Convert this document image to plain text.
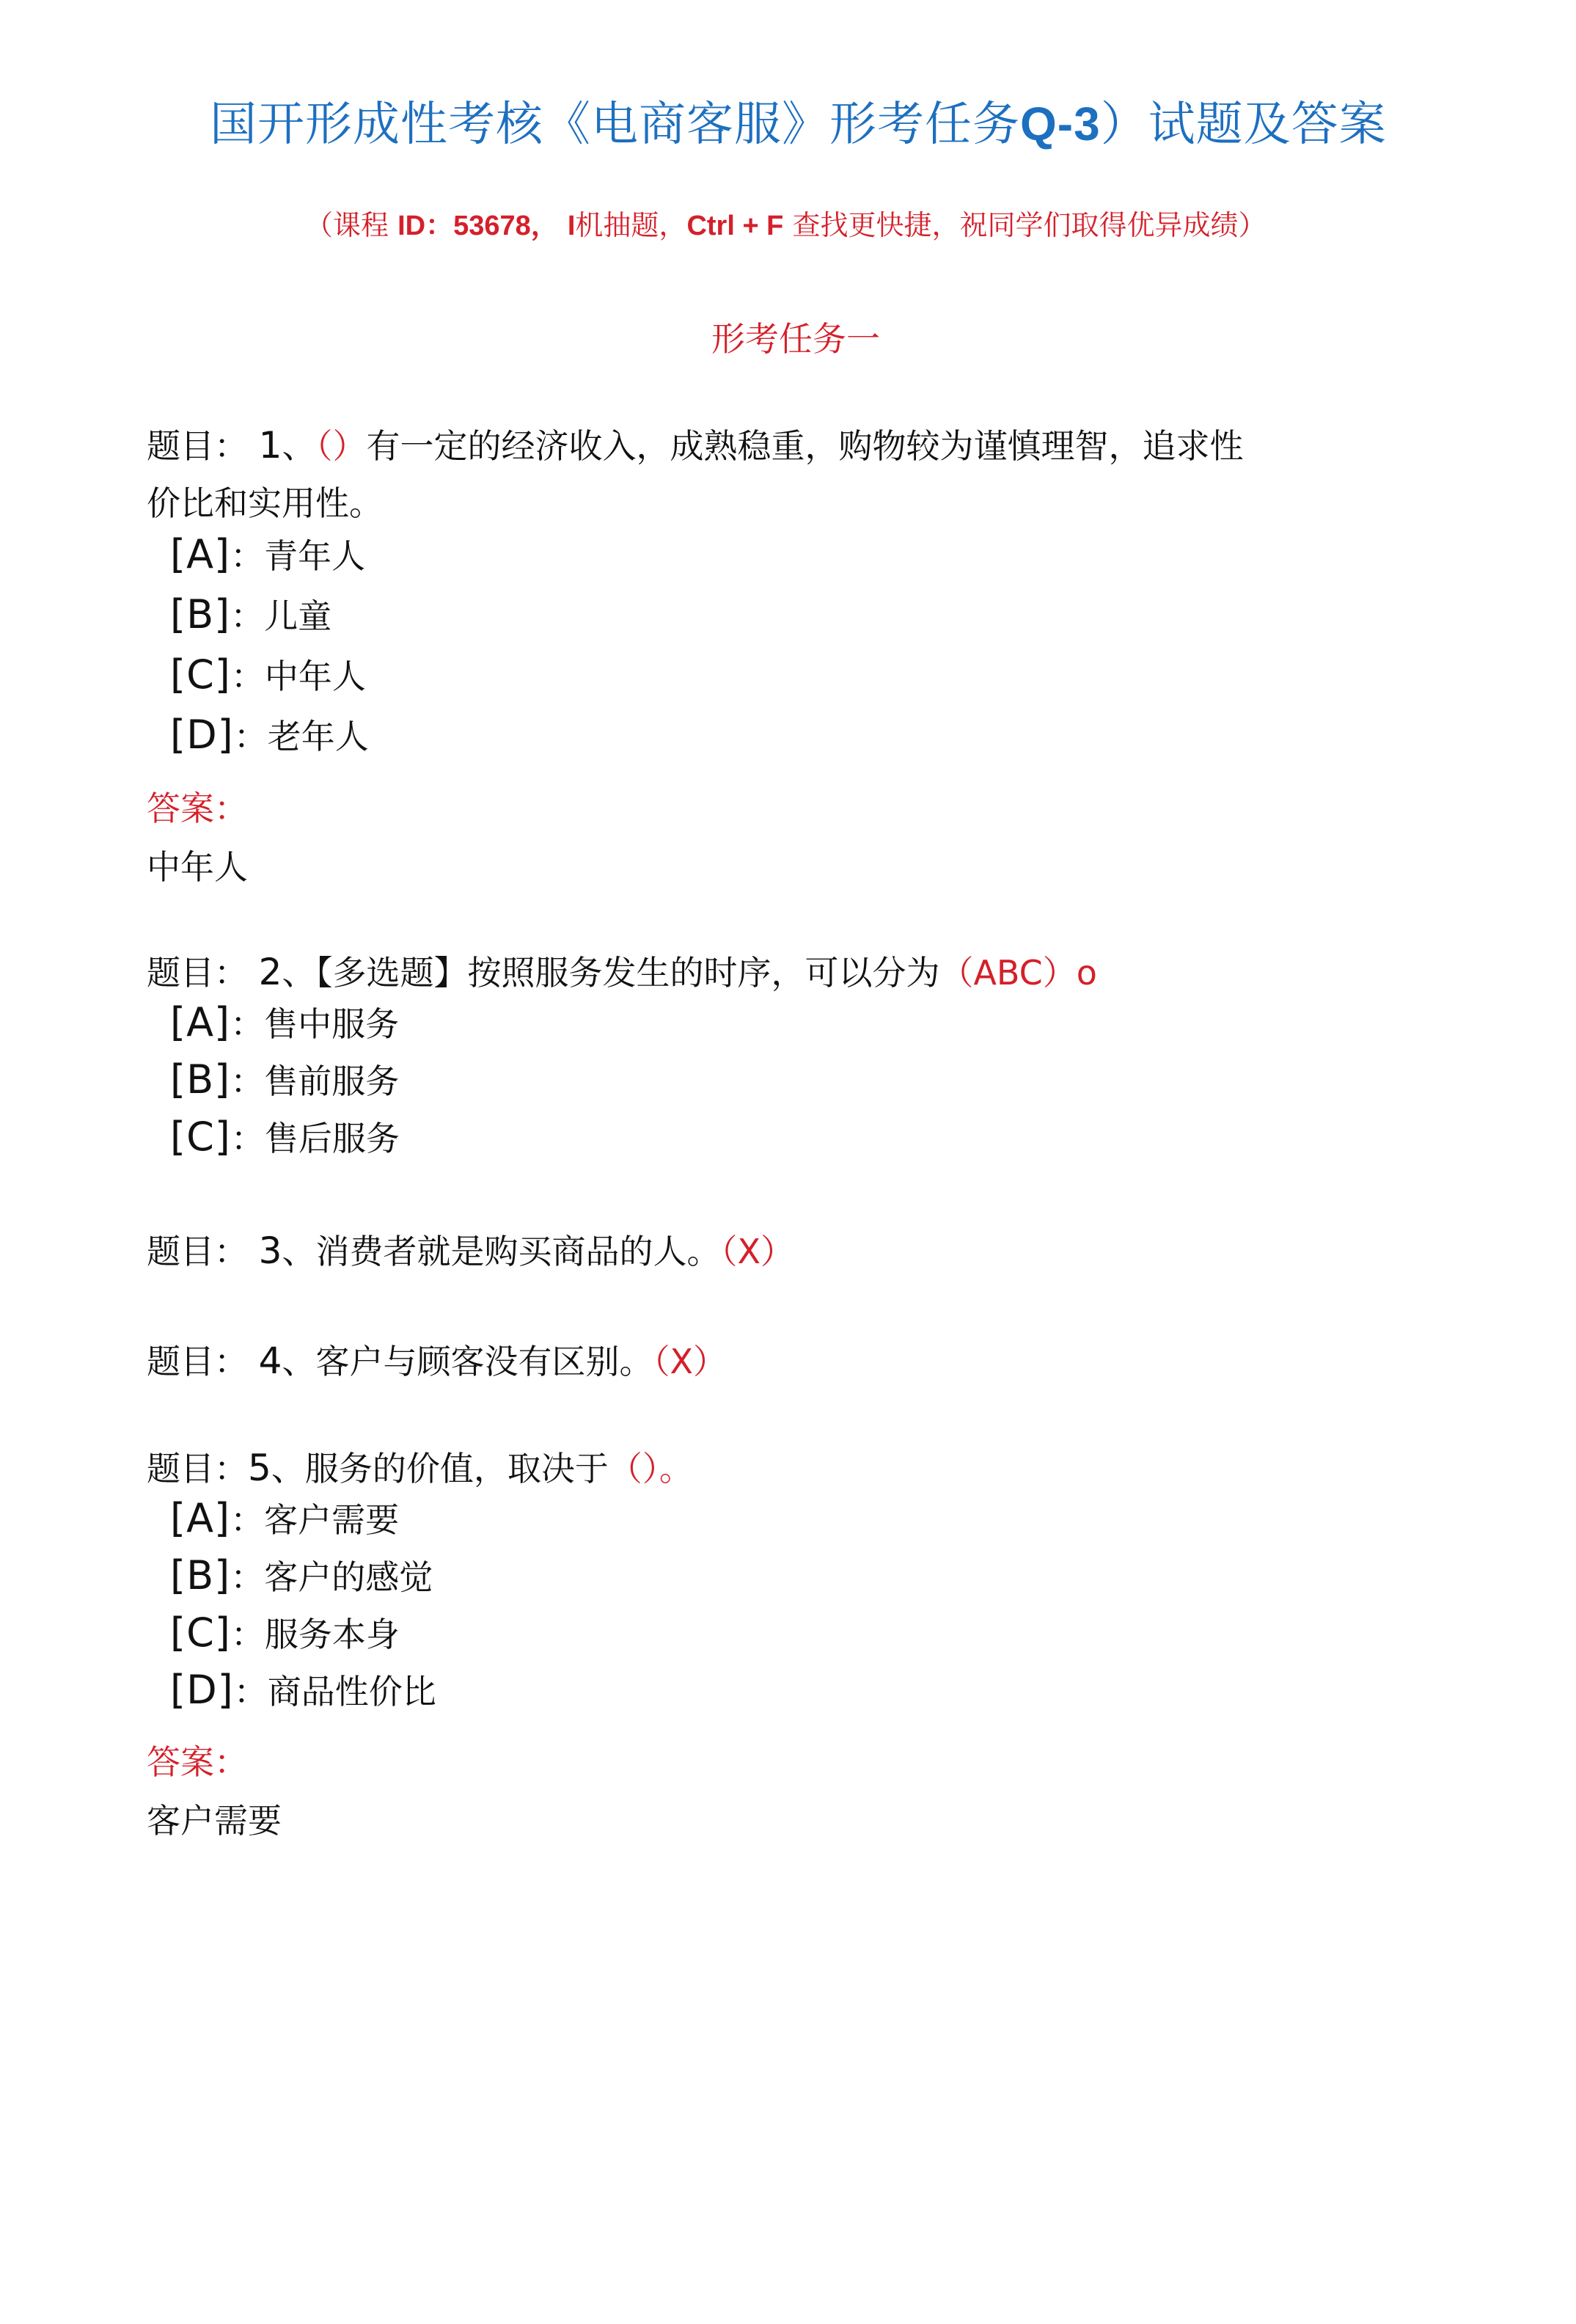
国开形成性考核《电商客服》形考任务Q-3）试题及答案
（课程 ID：53678， I机抽题，Ctrl + F 查找更快捷，祝同学们取得优异成绩）
形考任务一
题目： 1、（）有一定的经济收入，成熟稳重，购物较为谨慎理智，追求性
价比和实用性。
[A]：青年人
[B]：儿童
[C]：中年人
[D]：老年人
答案：
中年人
题目： 2、【多选题】按照服务发生的时序，可以分为（ABC）o
[A]：售中服务
[B]：售前服务
[C]：售后服务
题目： 3、消费者就是购买商品的人。（X）
题目： 4、客户与顾客没有区别。（X）
题目：5、服务的价值，取决于（）。
[A]：客户需要
[B]：客户的感觉
[C]：服务本身
[D]：商品性价比
答案：
客户需要
